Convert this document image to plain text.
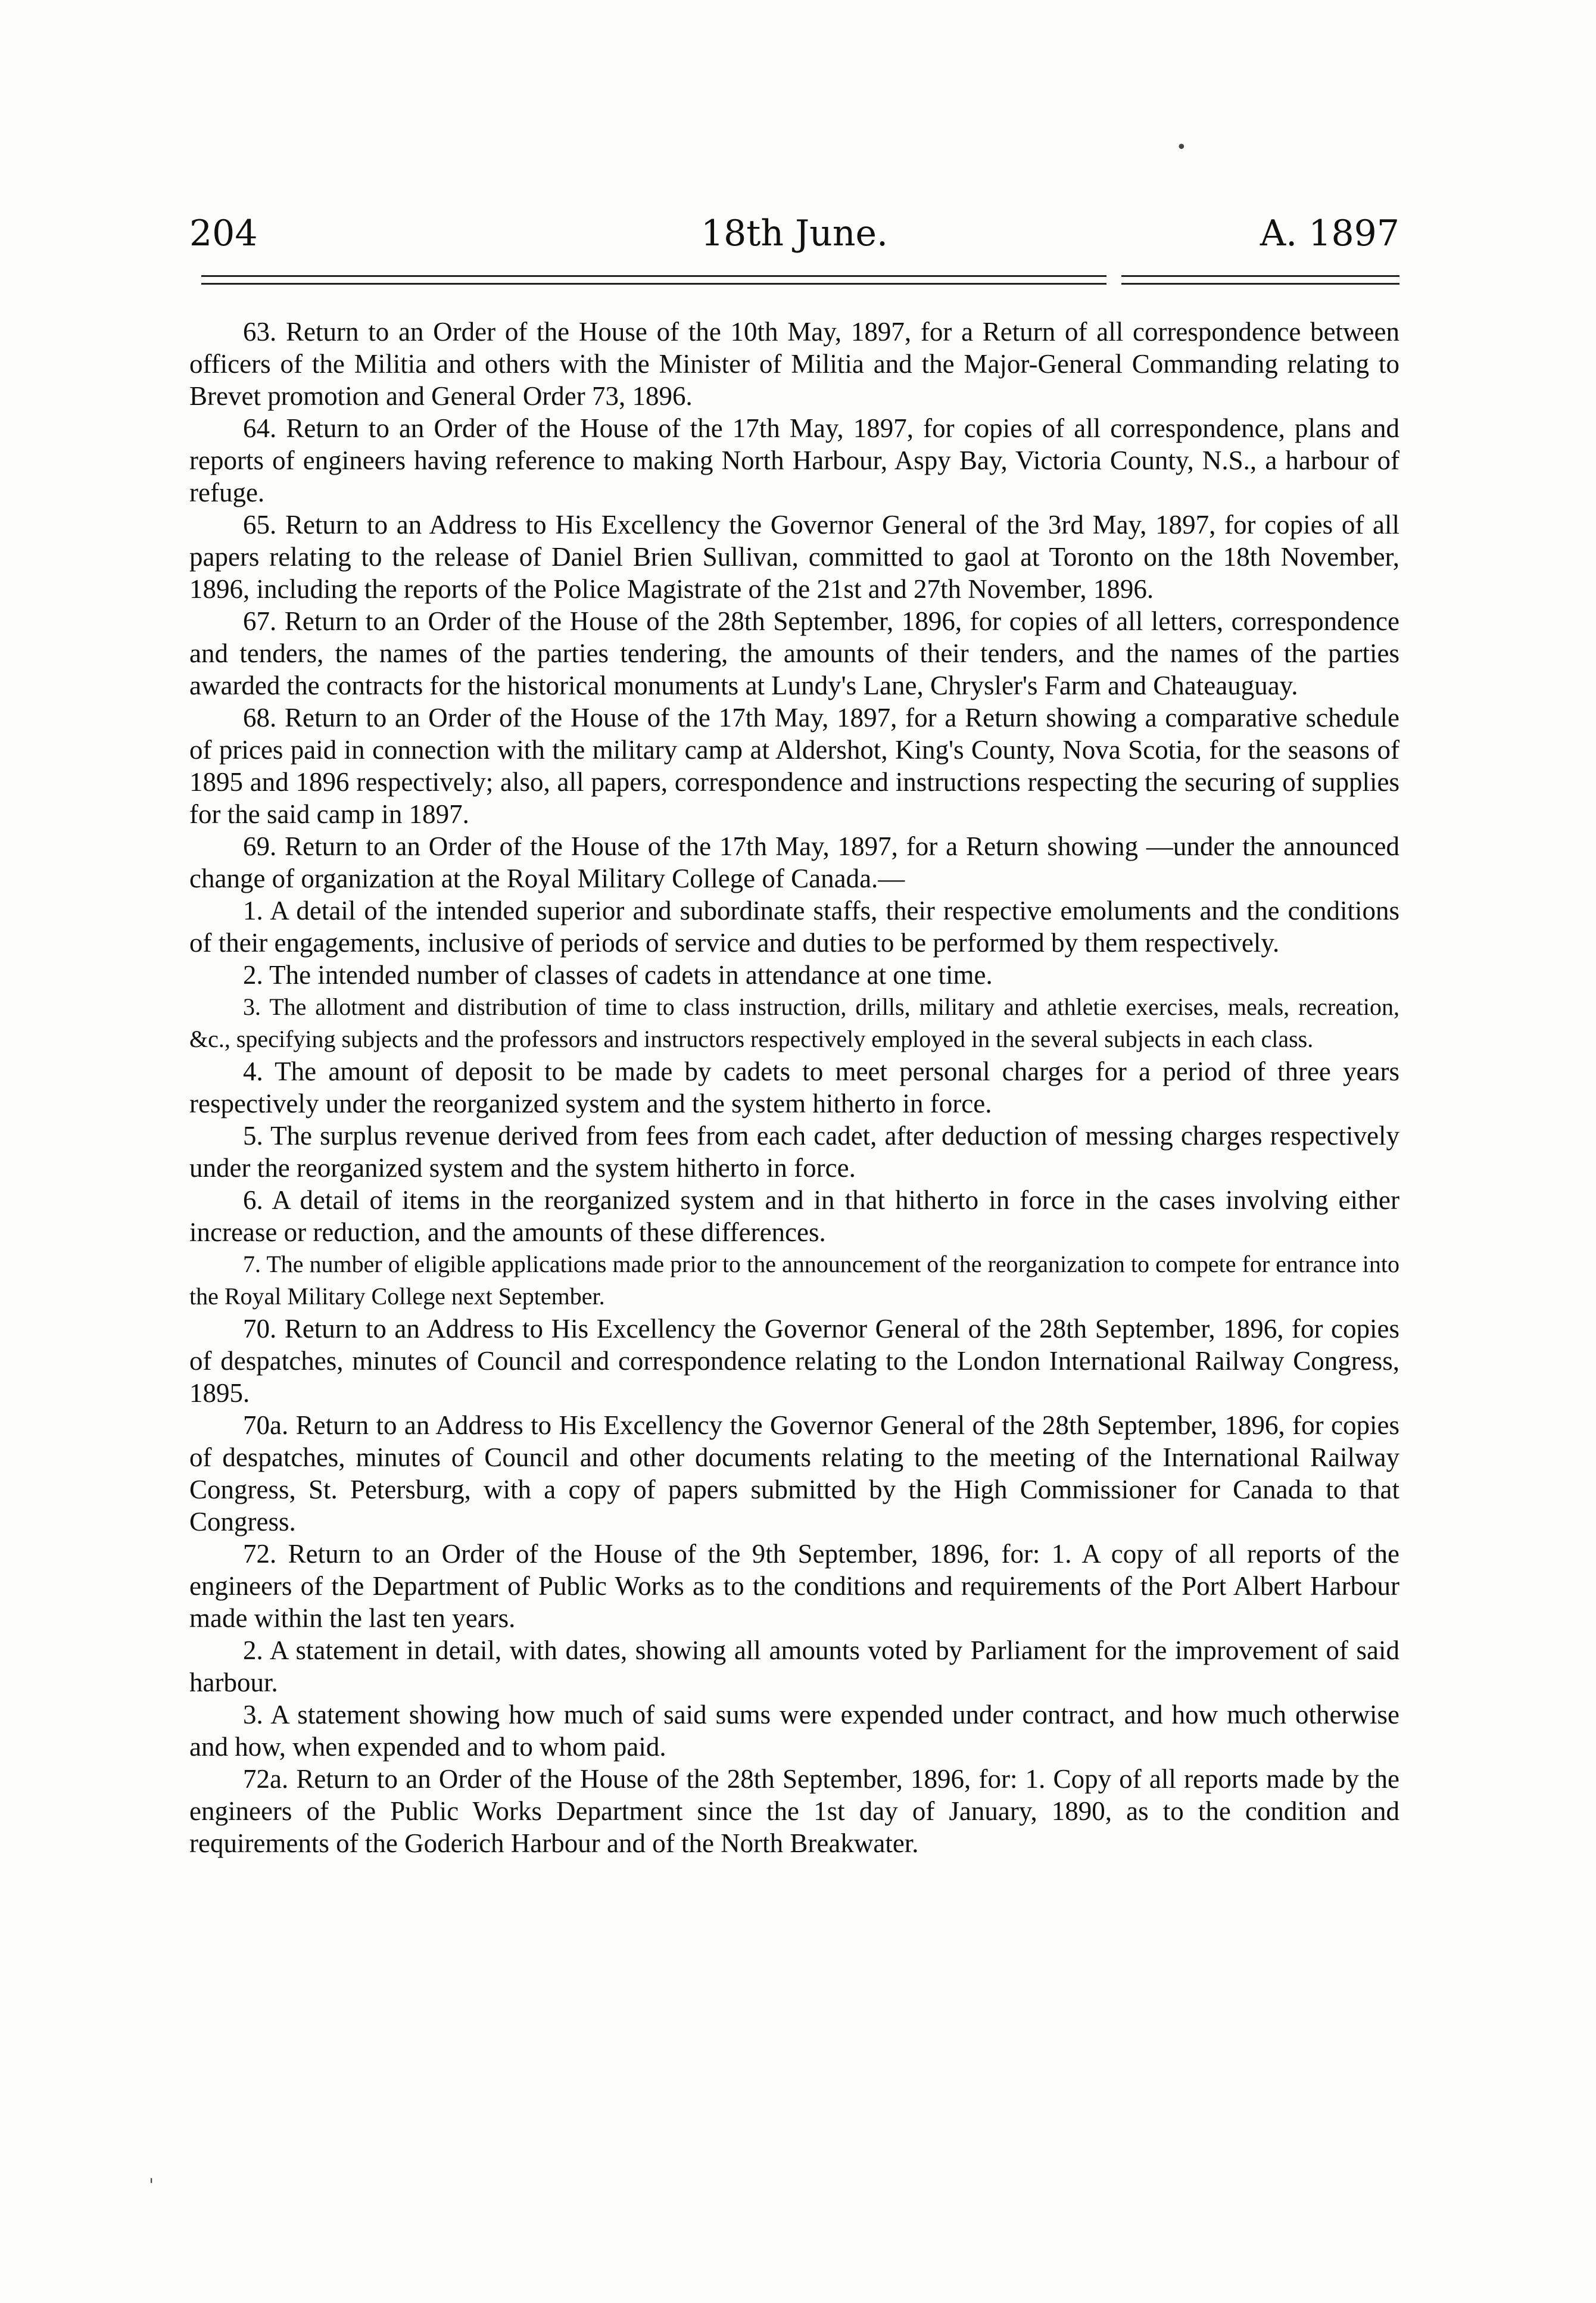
204	18th June.	A. 1897

63. Return to an Order of the House of the 10th May, 1897, for a Return of all correspondence between officers of the Militia and others with the Minister of Militia and the Major-General Commanding relating to Brevet promotion and General Order 73, 1896.

64. Return to an Order of the House of the 17th May, 1897, for copies of all correspondence, plans and reports of engineers having reference to making North Harbour, Aspy Bay, Victoria County, N.S., a harbour of refuge.

65. Return to an Address to His Excellency the Governor General of the 3rd May, 1897, for copies of all papers relating to the release of Daniel Brien Sullivan, committed to gaol at Toronto on the 18th November, 1896, including the reports of the Police Magistrate of the 21st and 27th November, 1896.

67. Return to an Order of the House of the 28th September, 1896, for copies of all letters, correspondence and tenders, the names of the parties tendering, the amounts of their tenders, and the names of the parties awarded the contracts for the historical monuments at Lundy's Lane, Chrysler's Farm and Chateauguay.

68. Return to an Order of the House of the 17th May, 1897, for a Return showing a comparative schedule of prices paid in connection with the military camp at Aldershot, King's County, Nova Scotia, for the seasons of 1895 and 1896 respectively; also, all papers, correspondence and instructions respecting the securing of supplies for the said camp in 1897.

69. Return to an Order of the House of the 17th May, 1897, for a Return showing —under the announced change of organization at the Royal Military College of Canada.—

1. A detail of the intended superior and subordinate staffs, their respective emoluments and the conditions of their engagements, inclusive of periods of service and duties to be performed by them respectively.

2. The intended number of classes of cadets in attendance at one time.

3. The allotment and distribution of time to class instruction, drills, military and athletie exercises, meals, recreation, &c., specifying subjects and the professors and instructors respectively employed in the several subjects in each class.

4. The amount of deposit to be made by cadets to meet personal charges for a period of three years respectively under the reorganized system and the system hitherto in force.

5. The surplus revenue derived from fees from each cadet, after deduction of messing charges respectively under the reorganized system and the system hitherto in force.

6. A detail of items in the reorganized system and in that hitherto in force in the cases involving either increase or reduction, and the amounts of these differences.

7. The number of eligible applications made prior to the announcement of the reorganization to compete for entrance into the Royal Military College next September.

70. Return to an Address to His Excellency the Governor General of the 28th September, 1896, for copies of despatches, minutes of Council and correspondence relating to the London International Railway Congress, 1895.

70a. Return to an Address to His Excellency the Governor General of the 28th September, 1896, for copies of despatches, minutes of Council and other documents relating to the meeting of the International Railway Congress, St. Petersburg, with a copy of papers submitted by the High Commissioner for Canada to that Congress.

72. Return to an Order of the House of the 9th September, 1896, for: 1. A copy of all reports of the engineers of the Department of Public Works as to the conditions and requirements of the Port Albert Harbour made within the last ten years.

2. A statement in detail, with dates, showing all amounts voted by Parliament for the improvement of said harbour.

3. A statement showing how much of said sums were expended under contract, and how much otherwise and how, when expended and to whom paid.

72a. Return to an Order of the House of the 28th September, 1896, for: 1. Copy of all reports made by the engineers of the Public Works Department since the 1st day of January, 1890, as to the condition and requirements of the Goderich Harbour and of the North Breakwater.

•
'
